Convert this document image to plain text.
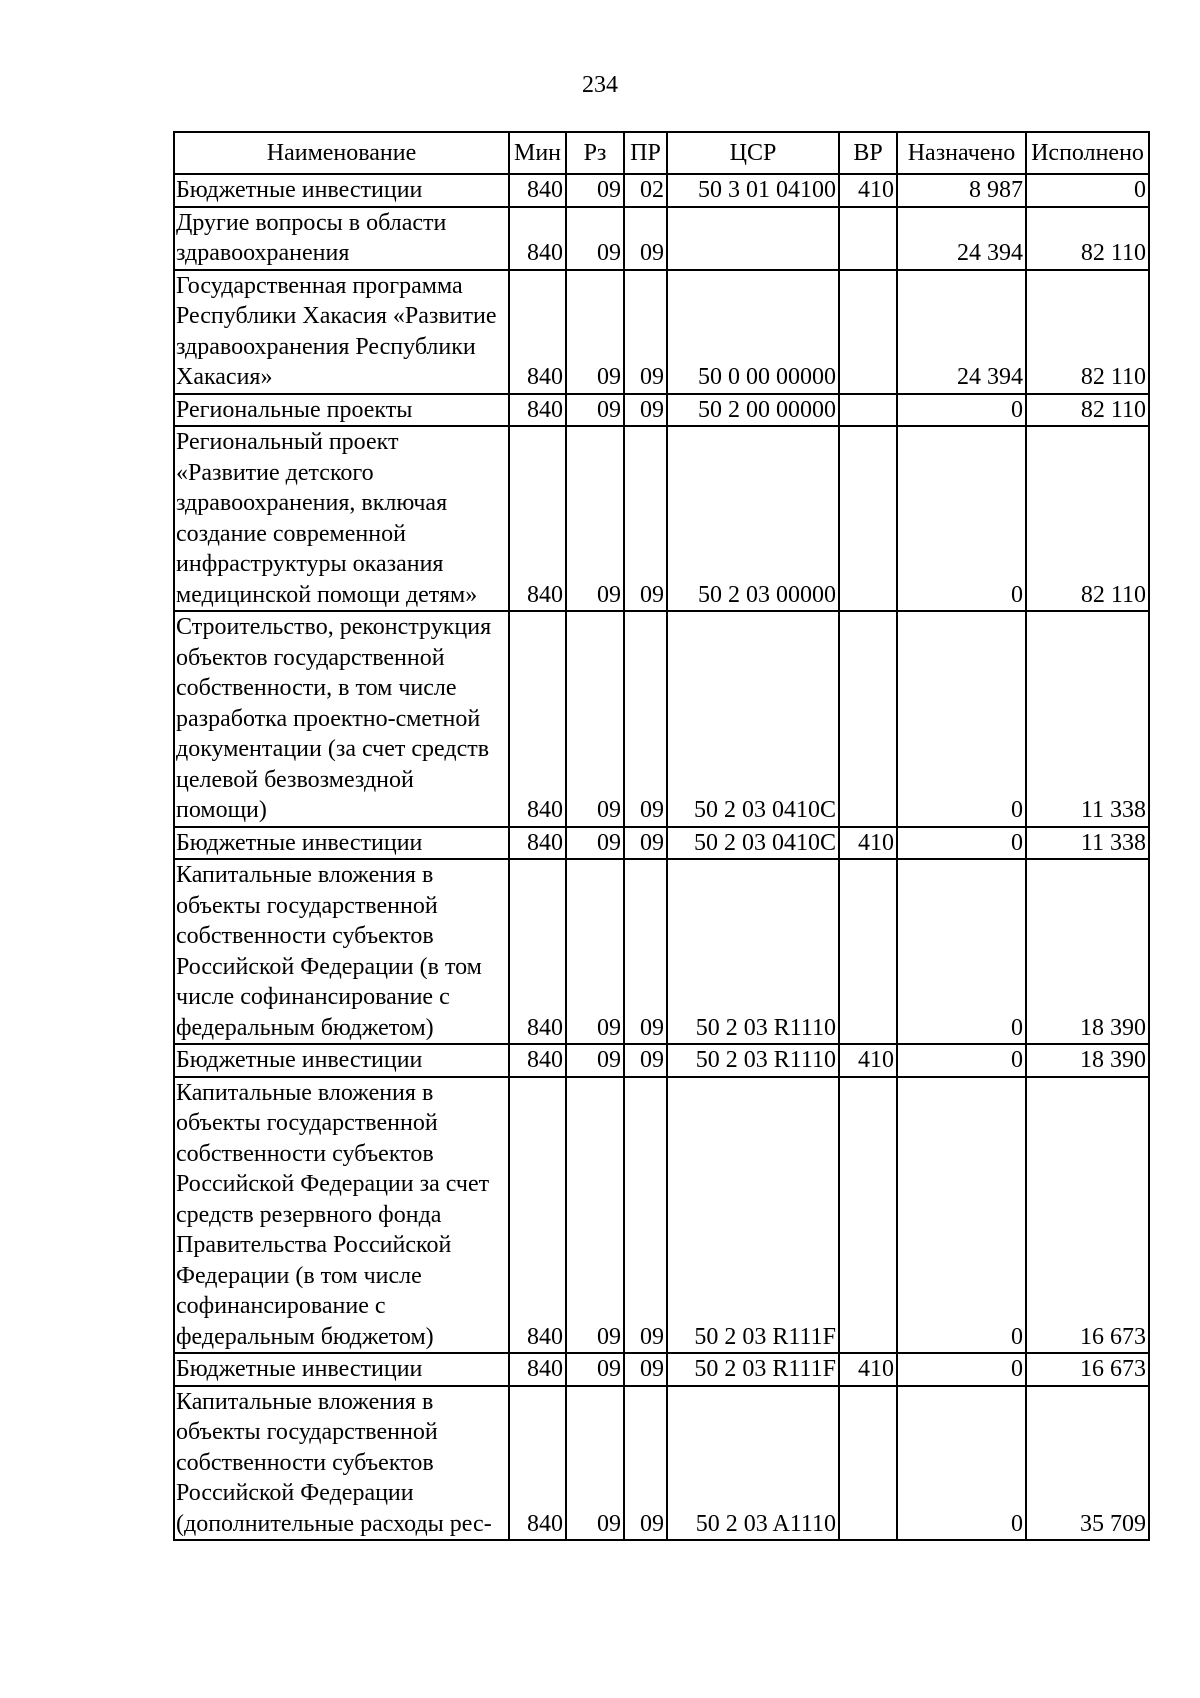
234
Наименование	Мин	Рз	ПР	ЦСР	ВР	Назначено	Исполнено
Бюджетные инвестиции	840	09	02	50 3 01 04100	410	8 987	0
Другие вопросы в области здравоохранения	840	09	09			24 394	82 110
Государственная программа Республики Хакасия «Развитие здравоохранения Республики Хакасия»	840	09	09	50 0 00 00000		24 394	82 110
Региональные проекты	840	09	09	50 2 00 00000		0	82 110
Региональный проект «Развитие детского здравоохранения, включая создание современной инфраструктуры оказания медицинской помощи детям»	840	09	09	50 2 03 00000		0	82 110
Строительство, реконструкция объектов государственной собственности, в том числе разработка проектно-сметной документации (за счет средств целевой безвозмездной помощи)	840	09	09	50 2 03 0410C		0	11 338
Бюджетные инвестиции	840	09	09	50 2 03 0410C	410	0	11 338
Капитальные вложения в объекты государственной собственности субъектов Российской Федерации (в том числе софинансирование с федеральным бюджетом)	840	09	09	50 2 03 R1110		0	18 390
Бюджетные инвестиции	840	09	09	50 2 03 R1110	410	0	18 390
Капитальные вложения в объекты государственной собственности субъектов Российской Федерации за счет средств резервного фонда Правительства Российской Федерации (в том числе софинансирование с федеральным бюджетом)	840	09	09	50 2 03 R111F		0	16 673
Бюджетные инвестиции	840	09	09	50 2 03 R111F	410	0	16 673
Капитальные вложения в объекты государственной собственности субъектов Российской Федерации (дополнительные расходы рес-	840	09	09	50 2 03 A1110		0	35 709
